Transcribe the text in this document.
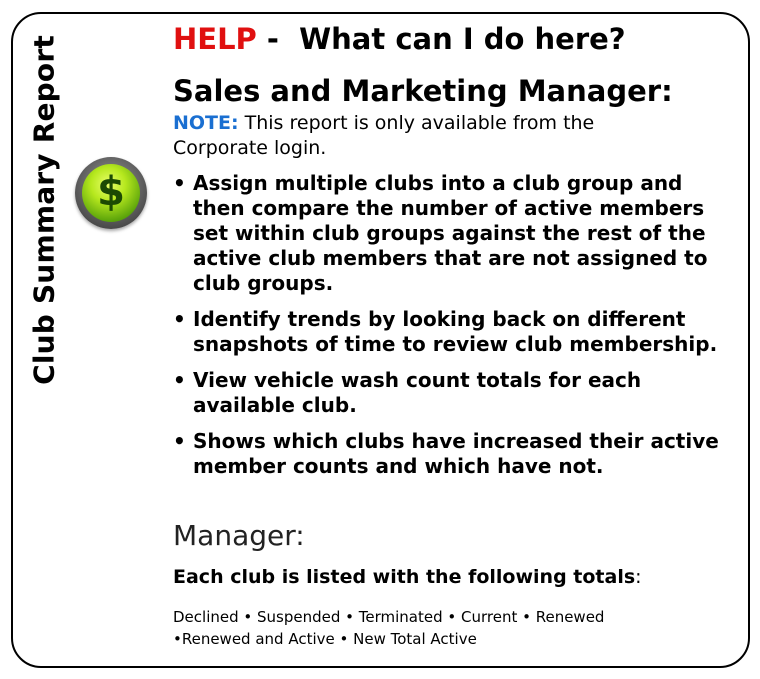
Club Summary Report $
HELP -  What can I do here?
Sales and Marketing Manager:
NOTE: This report is only available from the Corporate login.
• Assign multiple clubs into a club group and then compare the number of active members set within club groups against the rest of the active club members that are not assigned to club groups.
• Identify trends by looking back on different snapshots of time to review club membership.
• View vehicle wash count totals for each available club.
• Shows which clubs have increased their active member counts and which have not.
Manager:
Each club is listed with the following totals:
Declined • Suspended • Terminated • Current • Renewed
•Renewed and Active • New Total Active
